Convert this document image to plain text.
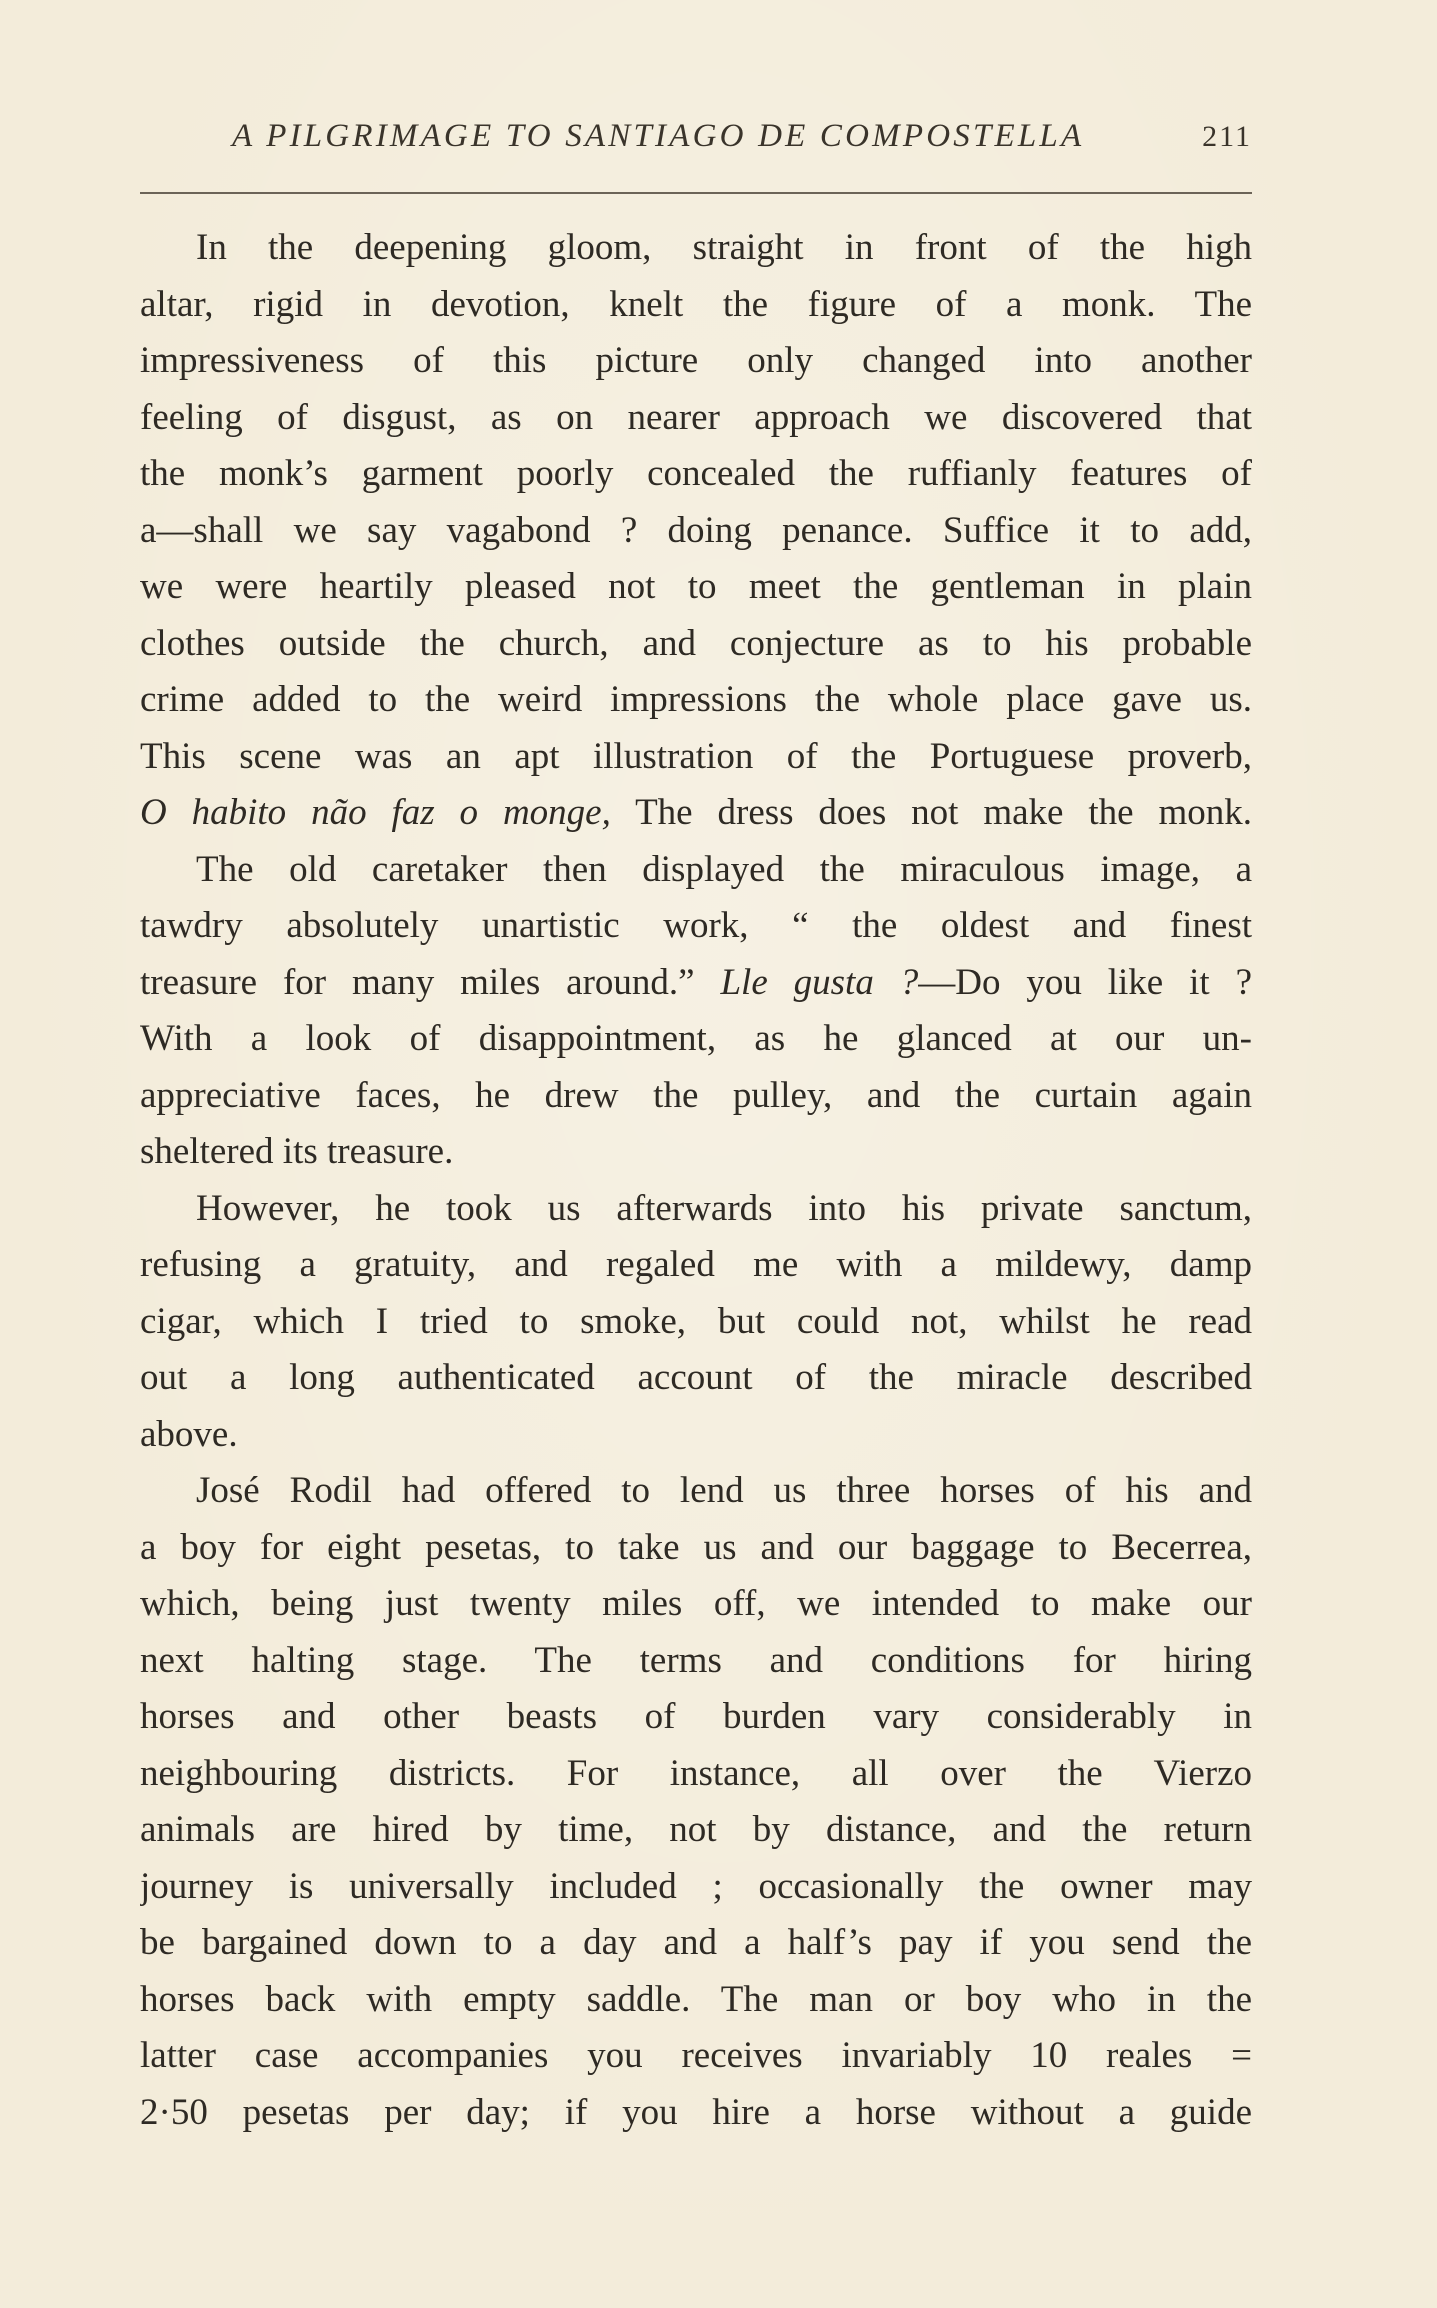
A PILGRIMAGE TO SANTIAGO DE COMPOSTELLA	211
In the deepening gloom, straight in front of the high
altar, rigid in devotion, knelt the figure of a monk. The
impressiveness of this picture only changed into another
feeling of disgust, as on nearer approach we discovered that
the monk’s garment poorly concealed the ruffianly features of
a—shall we say vagabond ? doing penance. Suffice it to add,
we were heartily pleased not to meet the gentleman in plain
clothes outside the church, and conjecture as to his probable
crime added to the weird impressions the whole place gave us.
This scene was an apt illustration of the Portuguese proverb,
O habito não faz o monge, The dress does not make the monk.
The old caretaker then displayed the miraculous image, a
tawdry absolutely unartistic work, “ the oldest and finest
treasure for many miles around.” Lle gusta ?—Do you like it ?
With a look of disappointment, as he glanced at our un-
appreciative faces, he drew the pulley, and the curtain again
sheltered its treasure.
However, he took us afterwards into his private sanctum,
refusing a gratuity, and regaled me with a mildewy, damp
cigar, which I tried to smoke, but could not, whilst he read
out a long authenticated account of the miracle described
above.
José Rodil had offered to lend us three horses of his and
a boy for eight pesetas, to take us and our baggage to Becerrea,
which, being just twenty miles off, we intended to make our
next halting stage. The terms and conditions for hiring
horses and other beasts of burden vary considerably in
neighbouring districts. For instance, all over the Vierzo
animals are hired by time, not by distance, and the return
journey is universally included ; occasionally the owner may
be bargained down to a day and a half’s pay if you send the
horses back with empty saddle. The man or boy who in the
latter case accompanies you receives invariably 10 reales =
2·50 pesetas per day; if you hire a horse without a guide
